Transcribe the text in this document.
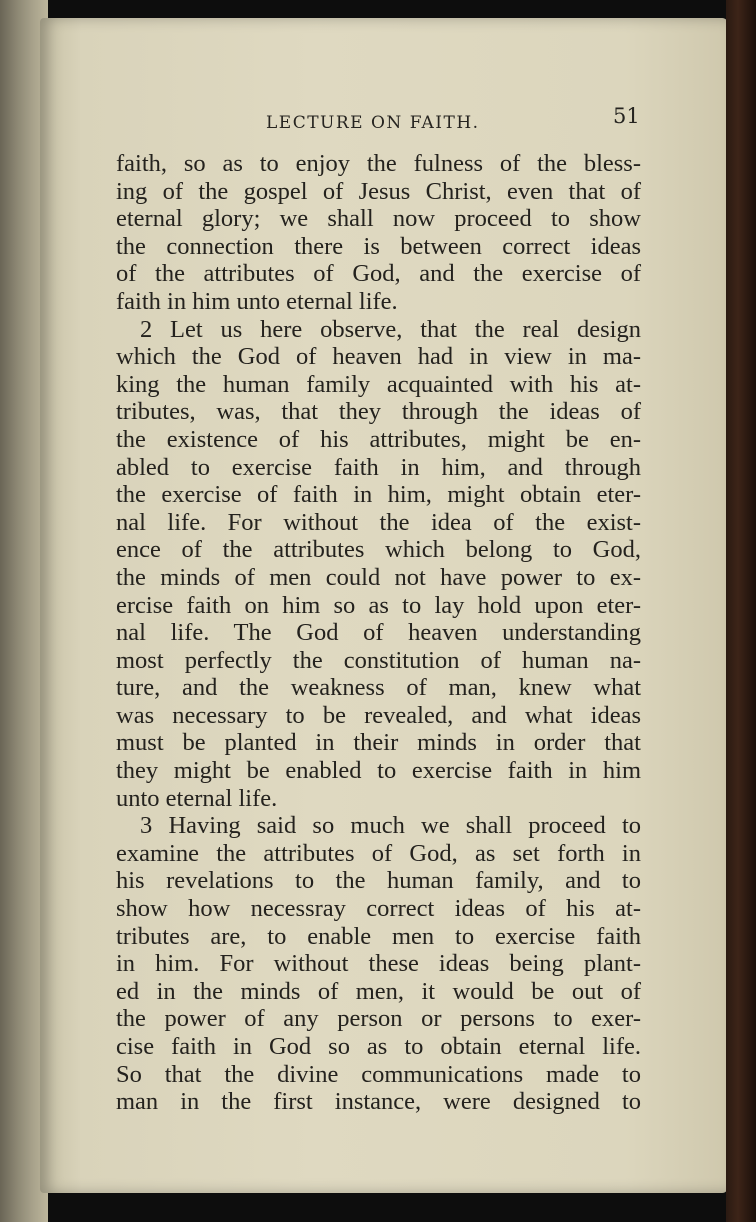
LECTURE ON FAITH.	51
faith, so as to enjoy the fulness of the bless-
ing of the gospel of Jesus Christ, even that of
eternal glory; we shall now proceed to show
the connection there is between correct ideas
of the attributes of God, and the exercise of
faith in him unto eternal life.
2 Let us here observe, that the real design
which the God of heaven had in view in ma-
king the human family acquainted with his at-
tributes, was, that they through the ideas of
the existence of his attributes, might be en-
abled to exercise faith in him, and through
the exercise of faith in him, might obtain eter-
nal life. For without the idea of the exist-
ence of the attributes which belong to God,
the minds of men could not have power to ex-
ercise faith on him so as to lay hold upon eter-
nal life. The God of heaven understanding
most perfectly the constitution of human na-
ture, and the weakness of man, knew what
was necessary to be revealed, and what ideas
must be planted in their minds in order that
they might be enabled to exercise faith in him
unto eternal life.
3 Having said so much we shall proceed to
examine the attributes of God, as set forth in
his revelations to the human family, and to
show how necessray correct ideas of his at-
tributes are, to enable men to exercise faith
in him. For without these ideas being plant-
ed in the minds of men, it would be out of
the power of any person or persons to exer-
cise faith in God so as to obtain eternal life.
So that the divine communications made to
man in the first instance, were designed to
